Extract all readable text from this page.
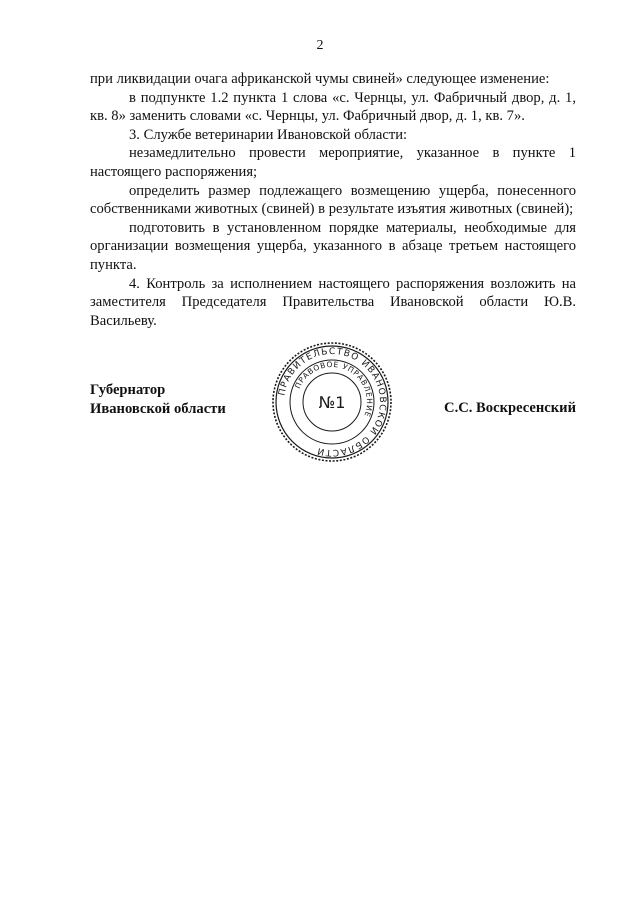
2

при ликвидации очага африканской чумы свиней» следующее изменение:

в подпункте 1.2 пункта 1 слова «с. Чернцы, ул. Фабричный двор, д. 1, кв. 8» заменить словами «с. Чернцы, ул. Фабричный двор, д. 1, кв. 7».

3. Службе ветеринарии Ивановской области:

незамедлительно провести мероприятие, указанное в пункте 1 настоящего распоряжения;

определить размер подлежащего возмещению ущерба, понесенного собственниками животных (свиней) в результате изъятия животных (свиней);

подготовить в установленном порядке материалы, необходимые для организации возмещения ущерба, указанного в абзаце третьем настоящего пункта.

4. Контроль за исполнением настоящего распоряжения возложить на заместителя Председателя Правительства Ивановской области Ю.В. Васильеву.

Губернатор
Ивановской области
ПРАВИТЕЛЬСТВО ИВАНОВСКОЙ ОБЛАСТИ
ПРАВОВОЕ УПРАВЛЕНИЕ
№1	С.С. Воскресенский
